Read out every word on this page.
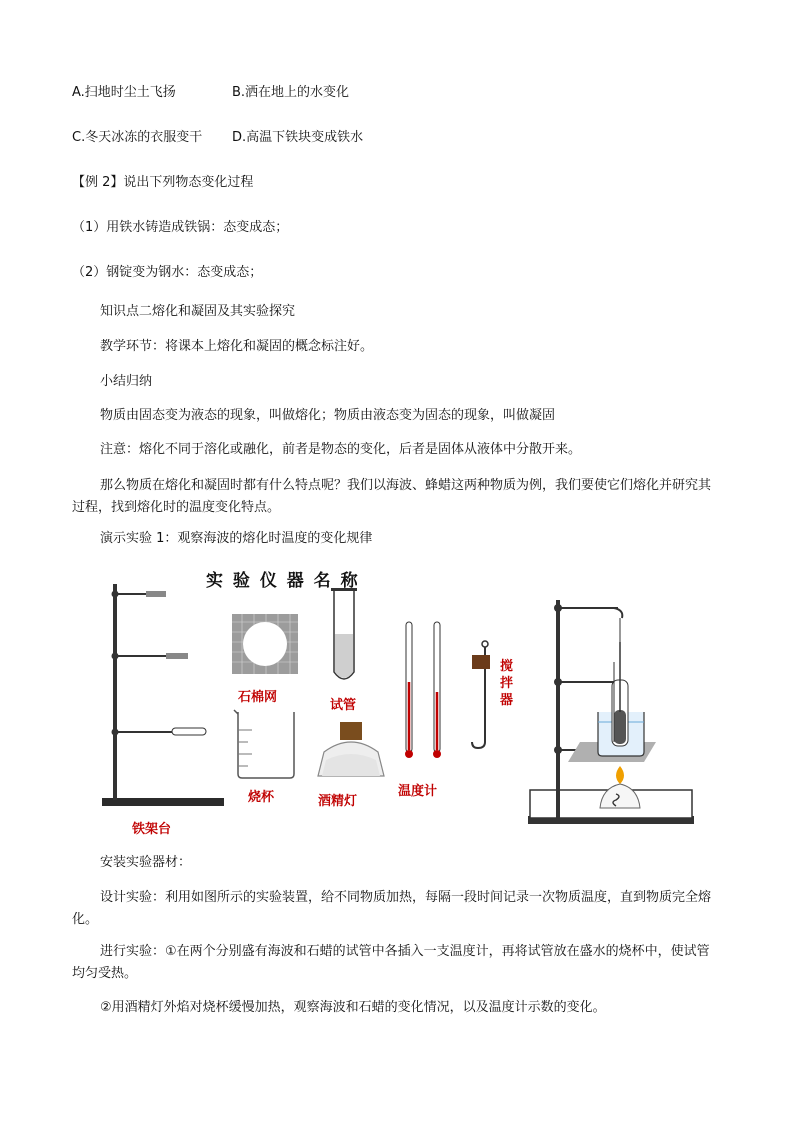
A.扫地时尘土飞扬	B.洒在地上的水变化
C.冬天冰冻的衣服变干 D.高温下铁块变成铁水
【例 2】说出下列物态变化过程
（1）用铁水铸造成铁锅：态变成态；
（2）钢锭变为钢水：态变成态；
知识点二熔化和凝固及其实验探究
教学环节：将课本上熔化和凝固的概念标注好。
小结归纳
物质由固态变为液态的现象，叫做熔化；物质由液态变为固态的现象，叫做凝固
注意：熔化不同于溶化或融化，前者是物态的变化，后者是固体从液体中分散开来。
那么物质在熔化和凝固时都有什么特点呢？我们以海波、蜂蜡这两种物质为例，我们要使它们熔化并研究其过程，找到熔化时的温度变化特点。
演示实验 1：观察海波的熔化时温度的变化规律
实 验 仪 器 名 称
石棉网
试管
搅拌器
烧杯	酒精灯
温度计
铁架台
安装实验器材：
设计实验：利用如图所示的实验装置，给不同物质加热，每隔一段时间记录一次物质温度，直到物质完全熔化。
进行实验：①在两个分别盛有海波和石蜡的试管中各插入一支温度计，再将试管放在盛水的烧杯中，使试管均匀受热。
②用酒精灯外焰对烧杯缓慢加热，观察海波和石蜡的变化情况，以及温度计示数的变化。
